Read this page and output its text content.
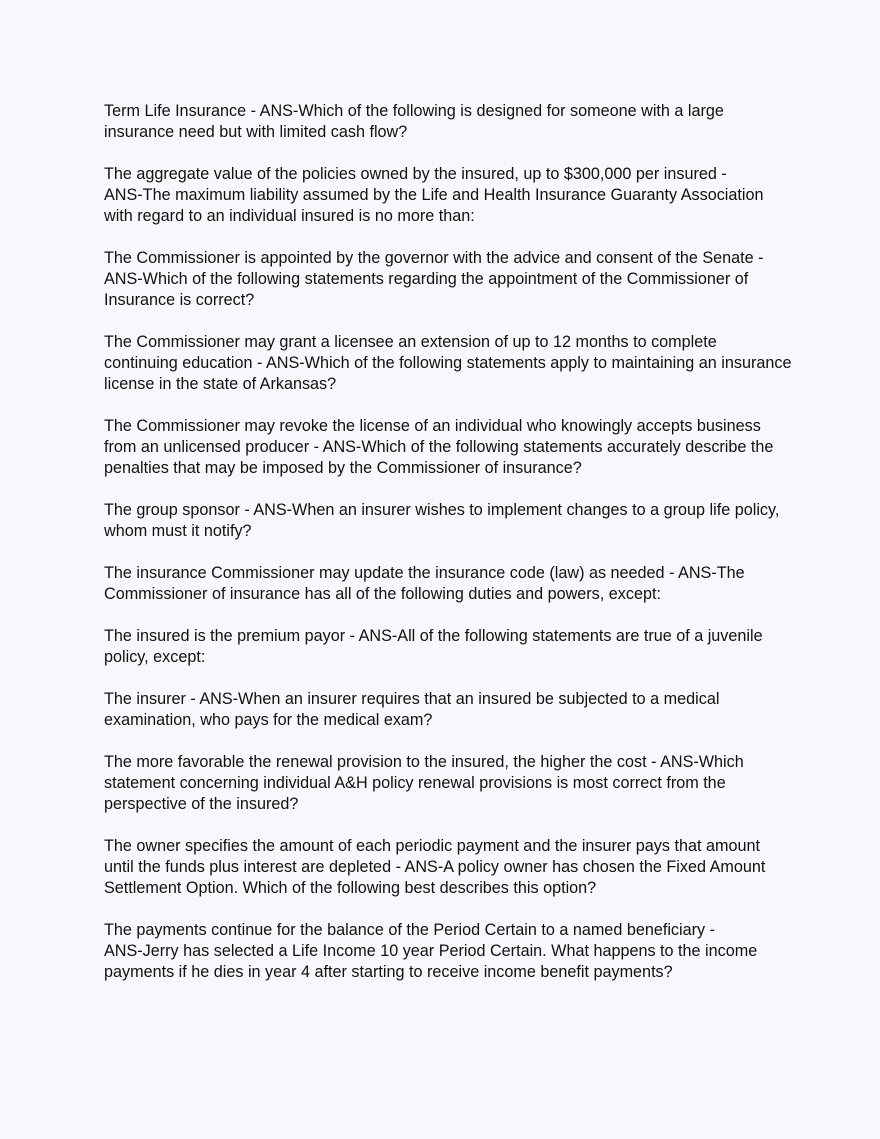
Term Life Insurance - ANS-Which of the following is designed for someone with a large
insurance need but with limited cash flow?

The aggregate value of the policies owned by the insured, up to $300,000 per insured -
ANS-The maximum liability assumed by the Life and Health Insurance Guaranty Association
with regard to an individual insured is no more than:

The Commissioner is appointed by the governor with the advice and consent of the Senate -
ANS-Which of the following statements regarding the appointment of the Commissioner of
Insurance is correct?

The Commissioner may grant a licensee an extension of up to 12 months to complete
continuing education - ANS-Which of the following statements apply to maintaining an insurance
license in the state of Arkansas?

The Commissioner may revoke the license of an individual who knowingly accepts business
from an unlicensed producer - ANS-Which of the following statements accurately describe the
penalties that may be imposed by the Commissioner of insurance?

The group sponsor - ANS-When an insurer wishes to implement changes to a group life policy,
whom must it notify?

The insurance Commissioner may update the insurance code (law) as needed - ANS-The
Commissioner of insurance has all of the following duties and powers, except:

The insured is the premium payor - ANS-All of the following statements are true of a juvenile
policy, except:

The insurer - ANS-When an insurer requires that an insured be subjected to a medical
examination, who pays for the medical exam?

The more favorable the renewal provision to the insured, the higher the cost - ANS-Which
statement concerning individual A&H policy renewal provisions is most correct from the
perspective of the insured?

The owner specifies the amount of each periodic payment and the insurer pays that amount
until the funds plus interest are depleted - ANS-A policy owner has chosen the Fixed Amount
Settlement Option. Which of the following best describes this option?

The payments continue for the balance of the Period Certain to a named beneficiary -
ANS-Jerry has selected a Life Income 10 year Period Certain. What happens to the income
payments if he dies in year 4 after starting to receive income benefit payments?
